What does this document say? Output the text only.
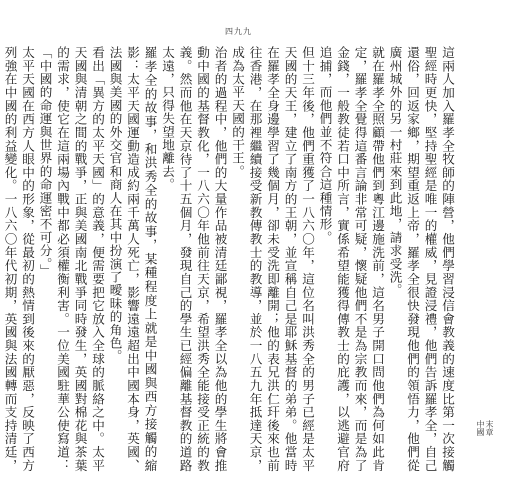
四九九
末章
中國

這兩人加入羅孝全牧師的陣營，他們學習浸信會教義的速度比第一次接觸聖經時更快，堅持聖經是唯一的權威，見證浸禮，他們告訴羅孝全，自己還俗，回返家鄉，期望重返上帝，羅孝全很快發現他們的領悟力，他們從廣州城外的另一村莊來到此地，請求受洗。

就在羅孝全照顧帶他們到粵江邊施洗前，這名男子開口問他們為何如此肯定，羅孝全覺得這番言論非常可疑，懷疑他們不是為宗教而來，而是為了金錢，一般教徒若口中所言，實係希望能獲得傳教士的庇護，以逃避官府追捕，而他們並不符合這種情形。

但十三年後，他們重獲了一八六〇年，這位名叫洪秀全的男子已經是太平天國的天王，建立了南方的王朝，並宣稱自己是耶穌基督的弟弟。他當時在羅孝全身邊學習了幾個月，卻未受洗即離開；他的表兄洪仁玕後來也前往香港，在那裡繼續接受新教傳教士的教導，並於一八五九年抵達天京，成為太平天國的干王。

治者的過程中，他們的大量作品被清廷鄙視，羅孝全以為他的學生將會推動中國的基督教化，一八六〇年他前往天京，希望洪秀全能接受正統的教義。然而他在天京待了十五個月，發現自己的學生已經偏離基督教的道路太遠，只得失望地離去。

羅孝全的故事，和洪秀全的故事，某種程度上就是中國與西方接觸的縮影：太平天國運動造成約兩千萬人死亡，影響遠遠超出中國本身，英國、法國與美國的外交官和商人在其中扮演了曖昧的角色。

看出「異方的太平天國」的意義，便需要把它放入全球的脈絡之中。太平天國與清朝之間的戰爭，正與美國南北戰爭同時發生，英國對棉花與茶葉的需求，使它在這兩場內戰中都必須權衡利害。一位美國駐華公使寫道：「中國的命運與世界的命運密不可分。」

太平天國在西方人眼中的形象，從最初的熱情到後來的厭惡，反映了西方列強在中國的利益變化。一八六〇年代初期，英國與法國轉而支持清廷，
